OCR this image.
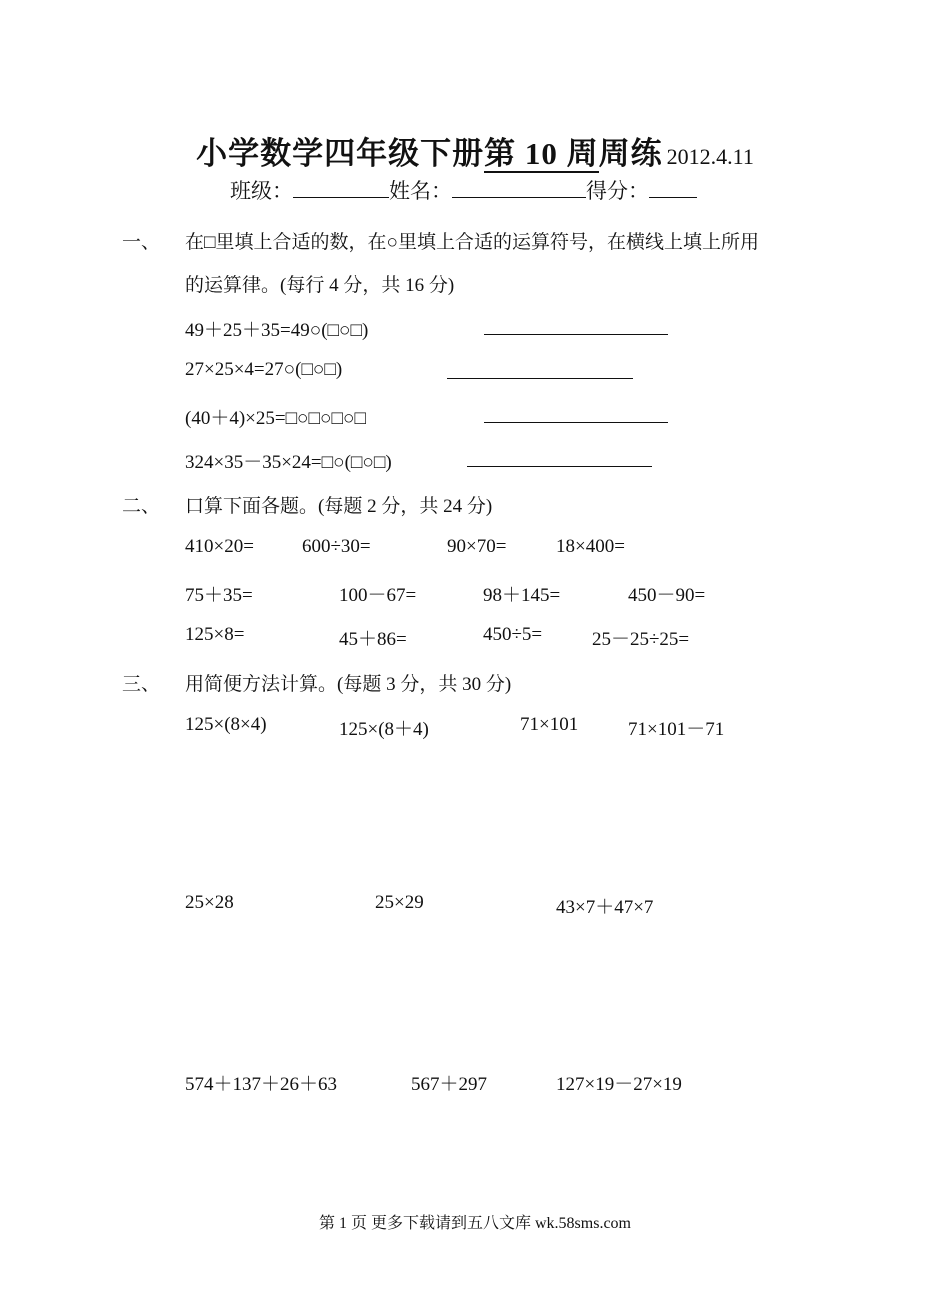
小学数学四年级下册第 10 周周练 2012.4.11
班级：	姓名：	得分：
一、 在□里填上合适的数，在○里填上合适的运算符号，在横线上填上所用
的运算律。(每行 4 分，共 16 分)
49＋25＋35=49○(□○□)
27×25×4=27○(□○□)
(40＋4)×25=□○□○□○□
324×35－35×24=□○(□○□)
二、 口算下面各题。(每题 2 分，共 24 分)
410×20=	600÷30=	90×70=	18×400=
75＋35=	100－67=	98＋145=	450－90=
125×8=	45＋86=	450÷5=	25－25÷25=
三、 用简便方法计算。(每题 3 分，共 30 分)
125×(8×4)	125×(8＋4)	71×101	71×101－71
25×28	25×29	43×7＋47×7
574＋137＋26＋63	567＋297	127×19－27×19
第 1 页 更多下载请到五八文库 wk.58sms.com
